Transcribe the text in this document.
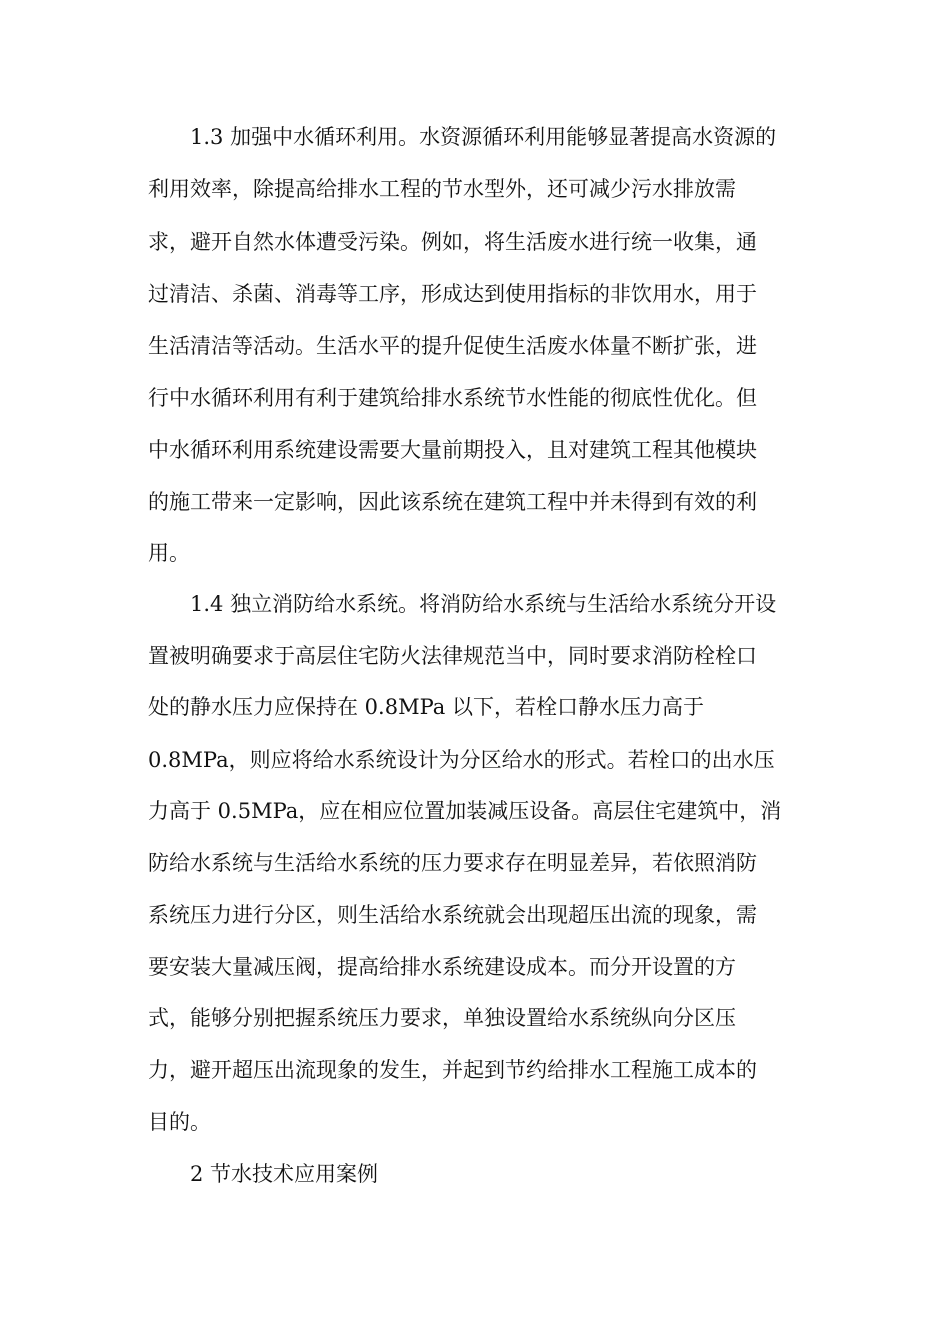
1.3 加强中水循环利用。水资源循环利用能够显著提高水资源的
利用效率，除提高给排水工程的节水型外，还可减少污水排放需
求，避开自然水体遭受污染。例如，将生活废水进行统一收集，通
过清洁、杀菌、消毒等工序，形成达到使用指标的非饮用水，用于
生活清洁等活动。生活水平的提升促使生活废水体量不断扩张，进
行中水循环利用有利于建筑给排水系统节水性能的彻底性优化。但
中水循环利用系统建设需要大量前期投入，且对建筑工程其他模块
的施工带来一定影响，因此该系统在建筑工程中并未得到有效的利
用。
1.4 独立消防给水系统。将消防给水系统与生活给水系统分开设
置被明确要求于高层住宅防火法律规范当中，同时要求消防栓栓口
处的静水压力应保持在 0.8MPa 以下，若栓口静水压力高于
0.8MPa，则应将给水系统设计为分区给水的形式。若栓口的出水压
力高于 0.5MPa，应在相应位置加装减压设备。高层住宅建筑中，消
防给水系统与生活给水系统的压力要求存在明显差异，若依照消防
系统压力进行分区，则生活给水系统就会出现超压出流的现象，需
要安装大量减压阀，提高给排水系统建设成本。而分开设置的方
式，能够分别把握系统压力要求，单独设置给水系统纵向分区压
力，避开超压出流现象的发生，并起到节约给排水工程施工成本的
目的。
2 节水技术应用案例
